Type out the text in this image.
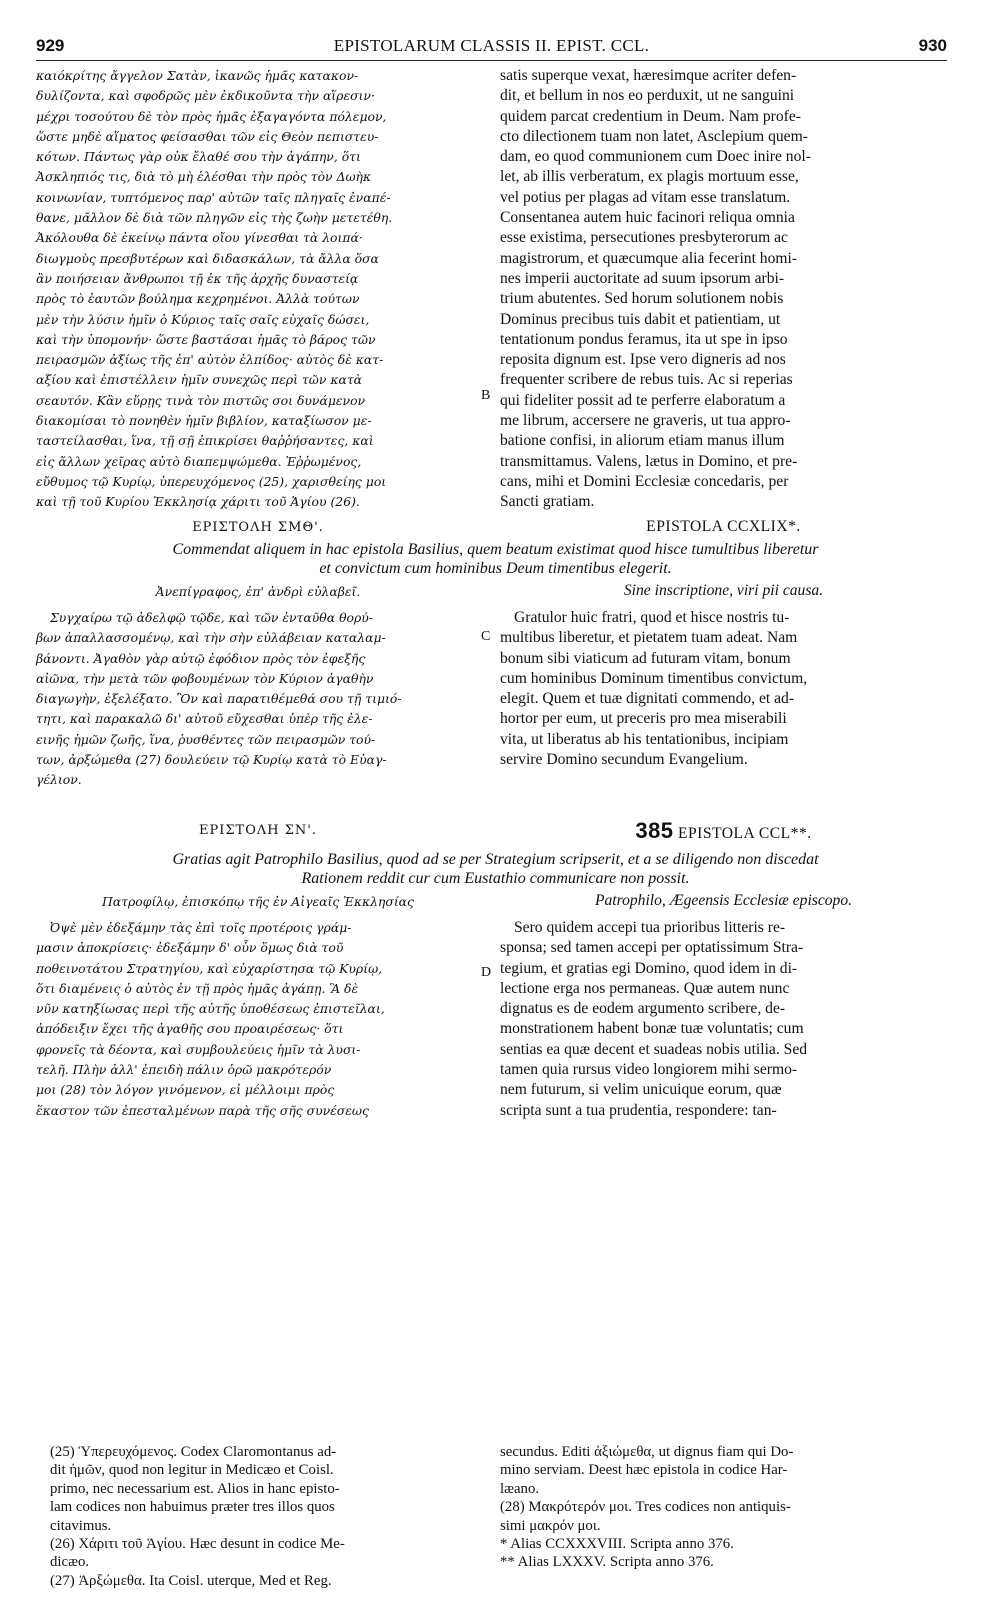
929	EPISTOLARUM CLASSIS II. EPIST. CCL.	930

καιόκρίτης ἄγγελον Σατὰν, ἱκανῶς ἡμᾶς κατακον-

δυλίζοντα, καὶ σφοδρῶς μὲν ἐκδικοῦντα τὴν αἵρεσιν·

μέχρι τοσούτου δὲ τὸν πρὸς ἡμᾶς ἐξαγαγόντα πόλεμον,

ὥστε μηδὲ αἵματος φείσασθαι τῶν εἰς Θεὸν πεπιστευ-

κότων. Πάντως γὰρ οὐκ ἔλαθέ σου τὴν ἀγάπην, ὅτι

Ἀσκληπιός τις, διὰ τὸ μὴ ἑλέσθαι τὴν πρὸς τὸν Δωὴκ

κοινωνίαν, τυπτόμενος παρ' αὐτῶν ταῖς πληγαῖς ἐναπέ-

θανε, μᾶλλον δὲ διὰ τῶν πληγῶν εἰς τὴς ζωὴν μετετέθη.

Ἀκόλουθα δὲ ἐκείνῳ πάντα οἴου γίνεσθαι τὰ λοιπά·

διωγμοὺς πρεσβυτέρων καὶ διδασκάλων, τὰ ἄλλα ὅσα

ἂν ποιήσειαν ἄνθρωποι τῇ ἐκ τῆς ἀρχῆς δυναστείᾳ

πρὸς τὸ ἑαυτῶν βούλημα κεχρημένοι. Ἀλλὰ τούτων

μὲν τὴν λύσιν ἡμῖν ὁ Κύριος ταῖς σαῖς εὐχαῖς δώσει,

καὶ τὴν ὑπομονήν· ὥστε βαστάσαι ἡμᾶς τὸ βάρος τῶν

πειρασμῶν ἀξίως τῆς ἐπ' αὐτὸν ἐλπίδος· αὐτὸς δὲ κατ-

αξίου καὶ ἐπιστέλλειν ἡμῖν συνεχῶς περὶ τῶν κατὰ

σεαυτόν. Κἂν εὕρῃς τινὰ τὸν πιστῶς σοι δυνάμενον

διακομίσαι τὸ πονηθὲν ἡμῖν βιβλίον, καταξίωσον με-

ταστείλασθαι, ἵνα, τῇ σῇ ἐπικρίσει θαῤῥήσαντες, καὶ

εἰς ἄλλων χεῖρας αὐτὸ διαπεμψώμεθα. Ἐῤῥωμένος,

εὔθυμος τῷ Κυρίῳ, ὑπερευχόμενος (25), χαρισθείης μοι

καὶ τῇ τοῦ Κυρίου Ἐκκλησίᾳ χάριτι τοῦ Ἁγίου (26).

satis superque vexat, hæresimque acriter defen-

dit, et bellum in nos eo perduxit, ut ne sanguini

quidem parcat credentium in Deum. Nam profe-

cto dilectionem tuam non latet, Asclepium quem-

dam, eo quod communionem cum Doec inire nol-

let, ab illis verberatum, ex plagis mortuum esse,

vel potius per plagas ad vitam esse translatum.

Consentanea autem huic facinori reliqua omnia

esse existima, persecutiones presbyterorum ac

magistrorum, et quæcumque alia fecerint homi-

nes imperii auctoritate ad suum ipsorum arbi-

trium abutentes. Sed horum solutionem nobis

Dominus precibus tuis dabit et patientiam, ut

tentationum pondus feramus, ita ut spe in ipso

reposita dignum est. Ipse vero digneris ad nos

frequenter scribere de rebus tuis. Ac si reperias

qui fideliter possit ad te perferre elaboratum a

me librum, accersere ne graveris, ut tua appro-

batione confisi, in aliorum etiam manus illum

transmittamus. Valens, lætus in Domino, et pre-

cans, mihi et Domini Ecclesiæ concedaris, per

Sancti gratiam.

B
ΕΡΙΣΤΟΛΗ ΣΜΘ'.	EPISTOLA CCXLIX*.
Commendat aliquem in hac epistola Basilius, quem beatum existimat quod hisce tumultibus liberetur
et convictum cum hominibus Deum timentibus elegerit.
Ἀνεπίγραφος, ἐπ' ἀνδρὶ εὐλαβεῖ.	Sine inscriptione, viri pii causa.

Συγχαίρω τῷ ἀδελφῷ τῷδε, καὶ τῶν ἐνταῦθα θορύ-

βων ἀπαλλασσομένῳ, καὶ τὴν σὴν εὐλάβειαν καταλαμ-

βάνοντι. Ἀγαθὸν γὰρ αὐτῷ ἐφόδιον πρὸς τὸν ἐφεξῆς

αἰῶνα, τὴν μετὰ τῶν φοβουμένων τὸν Κύριον ἀγαθὴν

διαγωγὴν, ἐξελέξατο. Ὃν καὶ παρατιθέμεθά σου τῇ τιμιό-

τητι, καὶ παρακαλῶ δι' αὐτοῦ εὔχεσθαι ὑπὲρ τῆς ἐλε-

εινῆς ἡμῶν ζωῆς, ἵνα, ῥυσθέντες τῶν πειρασμῶν τού-

των, ἀρξώμεθα (27) δουλεύειν τῷ Κυρίῳ κατὰ τὸ Εὐαγ-

γέλιον.

Gratulor huic fratri, quod et hisce nostris tu-

multibus liberetur, et pietatem tuam adeat. Nam

bonum sibi viaticum ad futuram vitam, bonum

cum hominibus Dominum timentibus convictum,

elegit. Quem et tuæ dignitati commendo, et ad-

hortor per eum, ut preceris pro mea miserabili

vita, ut liberatus ab his tentationibus, incipiam

servire Domino secundum Evangelium.

C
ΕΡΙΣΤΟΛΗ ΣΝ'.	385 EPISTOLA CCL**.
Gratias agit Patrophilo Basilius, quod ad se per Strategium scripserit, et a se diligendo non discedat
Rationem reddit cur cum Eustathio communicare non possit.
Πατροφίλῳ, ἐπισκόπῳ τῆς ἐν Αἰγεαῖς Ἐκκλησίας	Patrophilo, Ægeensis Ecclesiæ episcopo.

Ὀψὲ μὲν ἐδεξάμην τὰς ἐπὶ τοῖς προτέροις γράμ-

μασιν ἀποκρίσεις· ἐδεξάμην δ' οὖν ὅμως διὰ τοῦ

ποθεινοτάτου Στρατηγίου, καὶ εὐχαρίστησα τῷ Κυρίῳ,

ὅτι διαμένεις ὁ αὐτὸς ἐν τῇ πρὸς ἡμᾶς ἀγάπῃ. Ἃ δὲ

νῦν κατηξίωσας περὶ τῆς αὐτῆς ὑποθέσεως ἐπιστεῖλαι,

ἀπόδειξιν ἔχει τῆς ἀγαθῆς σου προαιρέσεως· ὅτι

φρονεῖς τὰ δέοντα, καὶ συμβουλεύεις ἡμῖν τὰ λυσι-

τελῆ. Πλὴν ἀλλ' ἐπειδὴ πάλιν ὁρῶ μακρότερόν

μοι (28) τὸν λόγον γινόμενον, εἰ μέλλοιμι πρὸς

ἕκαστον τῶν ἐπεσταλμένων παρὰ τῆς σῆς συνέσεως

Sero quidem accepi tua prioribus litteris re-

sponsa; sed tamen accepi per optatissimum Stra-

tegium, et gratias egi Domino, quod idem in di-

lectione erga nos permaneas. Quæ autem nunc

dignatus es de eodem argumento scribere, de-

monstrationem habent bonæ tuæ voluntatis; cum

sentias ea quæ decent et suadeas nobis utilia. Sed

tamen quia rursus video longiorem mihi sermo-

nem futurum, si velim unicuique eorum, quæ

scripta sunt a tua prudentia, respondere: tan-

D

(25) Ὑπερευχόμενος. Codex Claromontanus ad-

dit ἡμῶν, quod non legitur in Medicæo et Coisl.

primo, nec necessarium est. Alios in hanc episto-

lam codices non habuimus præter tres illos quos

citavimus.

(26) Χάριτι τοῦ Ἁγίου. Hæc desunt in codice Me-

dicæo.

(27) Ἀρξώμεθα. Ita Coisl. uterque, Med et Reg.

secundus. Editi ἀξιώμεθα, ut dignus fiam qui Do-

mino serviam. Deest hæc epistola in codice Har-

læano.

(28) Μακρότερόν μοι. Tres codices non antiquis-

simi μακρόν μοι.

* Alias CCXXXVIII. Scripta anno 376.

** Alias LXXXV. Scripta anno 376.
